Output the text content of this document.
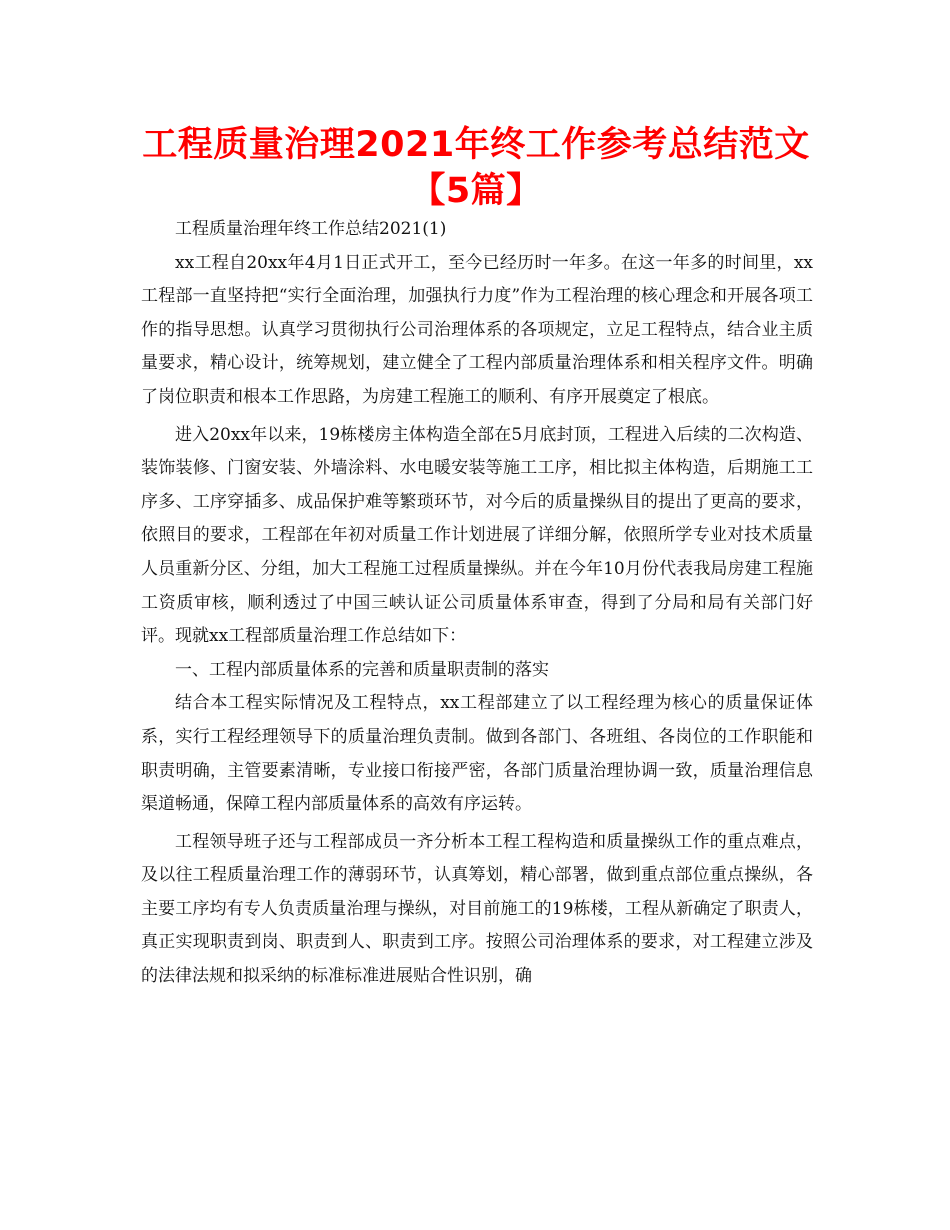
工程质量治理2021年终工作参考总结范文【5篇】

工程质量治理年终工作总结2021(1)

xx工程自20xx年4月1日正式开工，至今已经历时一年多。在这一年多的时间里，xx工程部一直坚持把“实行全面治理，加强执行力度”作为工程治理的核心理念和开展各项工作的指导思想。认真学习贯彻执行公司治理体系的各项规定，立足工程特点，结合业主质量要求，精心设计，统筹规划，建立健全了工程内部质量治理体系和相关程序文件。明确了岗位职责和根本工作思路，为房建工程施工的顺利、有序开展奠定了根底。

进入20xx年以来，19栋楼房主体构造全部在5月底封顶，工程进入后续的二次构造、装饰装修、门窗安装、外墙涂料、水电暖安装等施工工序，相比拟主体构造，后期施工工序多、工序穿插多、成品保护难等繁琐环节，对今后的质量操纵目的提出了更高的要求，依照目的要求，工程部在年初对质量工作计划进展了详细分解，依照所学专业对技术质量人员重新分区、分组，加大工程施工过程质量操纵。并在今年10月份代表我局房建工程施工资质审核，顺利透过了中国三峡认证公司质量体系审查，得到了分局和局有关部门好评。现就xx工程部质量治理工作总结如下：

一、工程内部质量体系的完善和质量职责制的落实

结合本工程实际情况及工程特点，xx工程部建立了以工程经理为核心的质量保证体系，实行工程经理领导下的质量治理负责制。做到各部门、各班组、各岗位的工作职能和职责明确，主管要素清晰，专业接口衔接严密，各部门质量治理协调一致，质量治理信息渠道畅通，保障工程内部质量体系的高效有序运转。

工程领导班子还与工程部成员一齐分析本工程工程构造和质量操纵工作的重点难点，及以往工程质量治理工作的薄弱环节，认真筹划，精心部署，做到重点部位重点操纵，各主要工序均有专人负责质量治理与操纵，对目前施工的19栋楼，工程从新确定了职责人，真正实现职责到岗、职责到人、职责到工序。按照公司治理体系的要求，对工程建立涉及的法律法规和拟采纳的标准标准进展贴合性识别，确
